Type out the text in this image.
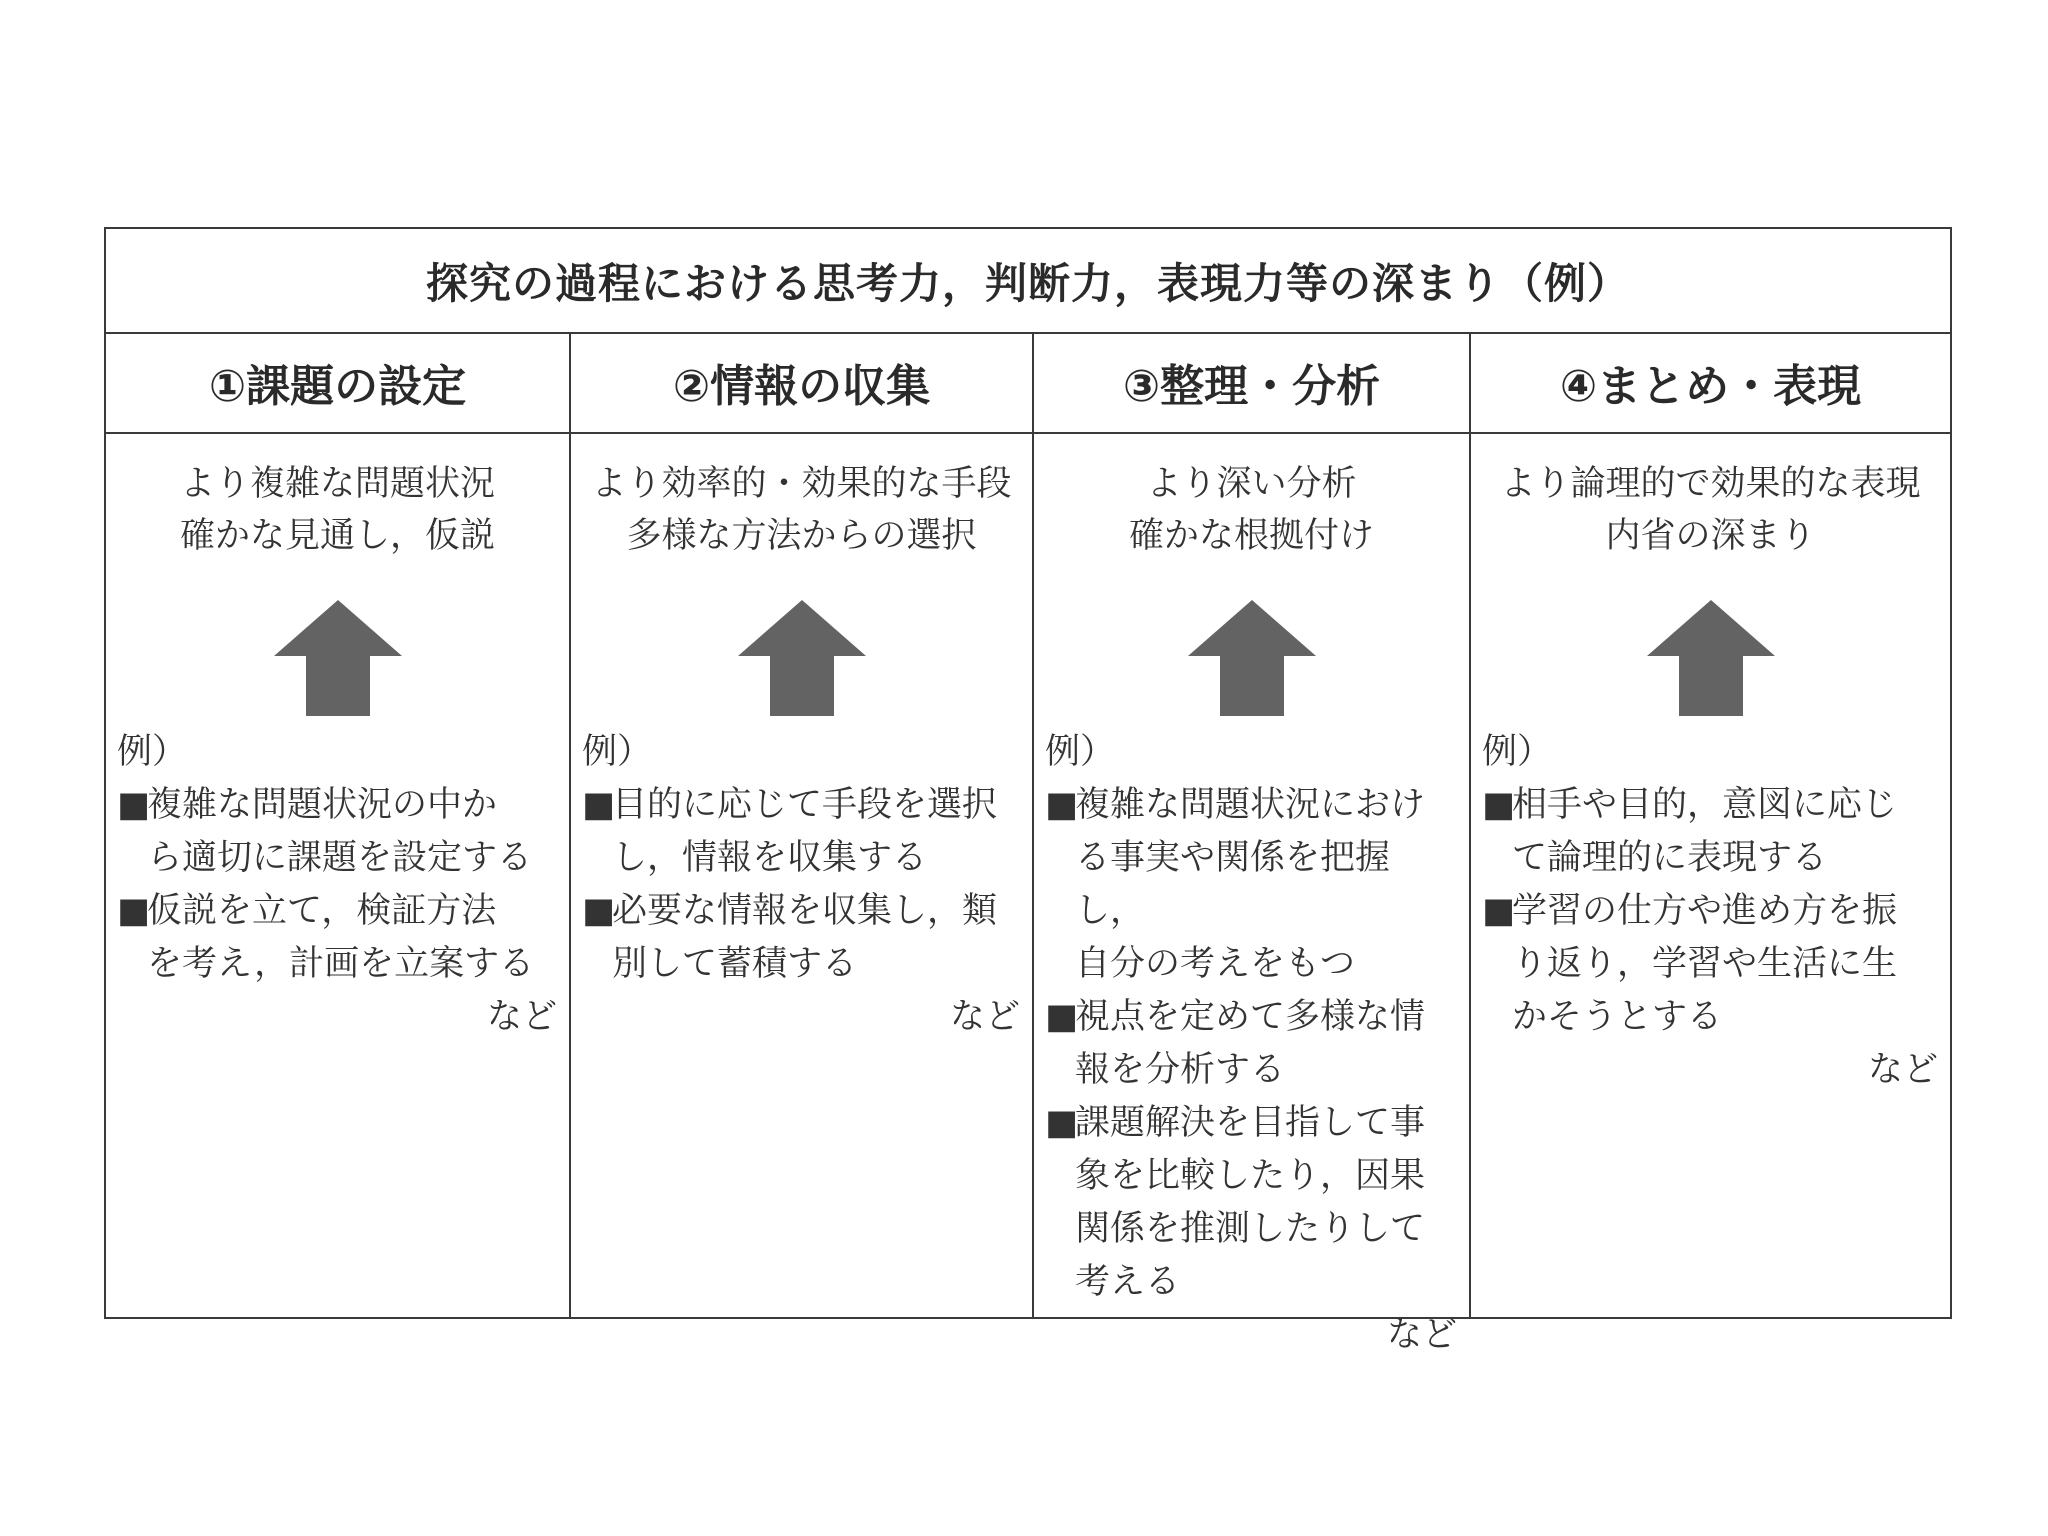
探究の過程における思考力，判断力，表現力等の深まり（例）
①課題の設定
より複雑な問題状況
確かな見通し，仮説
例）
■
複雑な問題状況の中か
ら適切に課題を設定する
■
仮説を立て，検証方法
を考え，計画を立案する
など
②情報の収集
より効率的・効果的な手段
多様な方法からの選択
例）
■
目的に応じて手段を選択
し，情報を収集する
■
必要な情報を収集し，類
別して蓄積する
など
③整理・分析
より深い分析
確かな根拠付け
例）
■
複雑な問題状況におけ
る事実や関係を把握し，
自分の考えをもつ
■
視点を定めて多様な情
報を分析する
■
課題解決を目指して事
象を比較したり，因果
関係を推測したりして
考える
など
④まとめ・表現
より論理的で効果的な表現
内省の深まり
例）
■
相手や目的，意図に応じ
て論理的に表現する
■
学習の仕方や進め方を振
り返り，学習や生活に生
かそうとする
など
